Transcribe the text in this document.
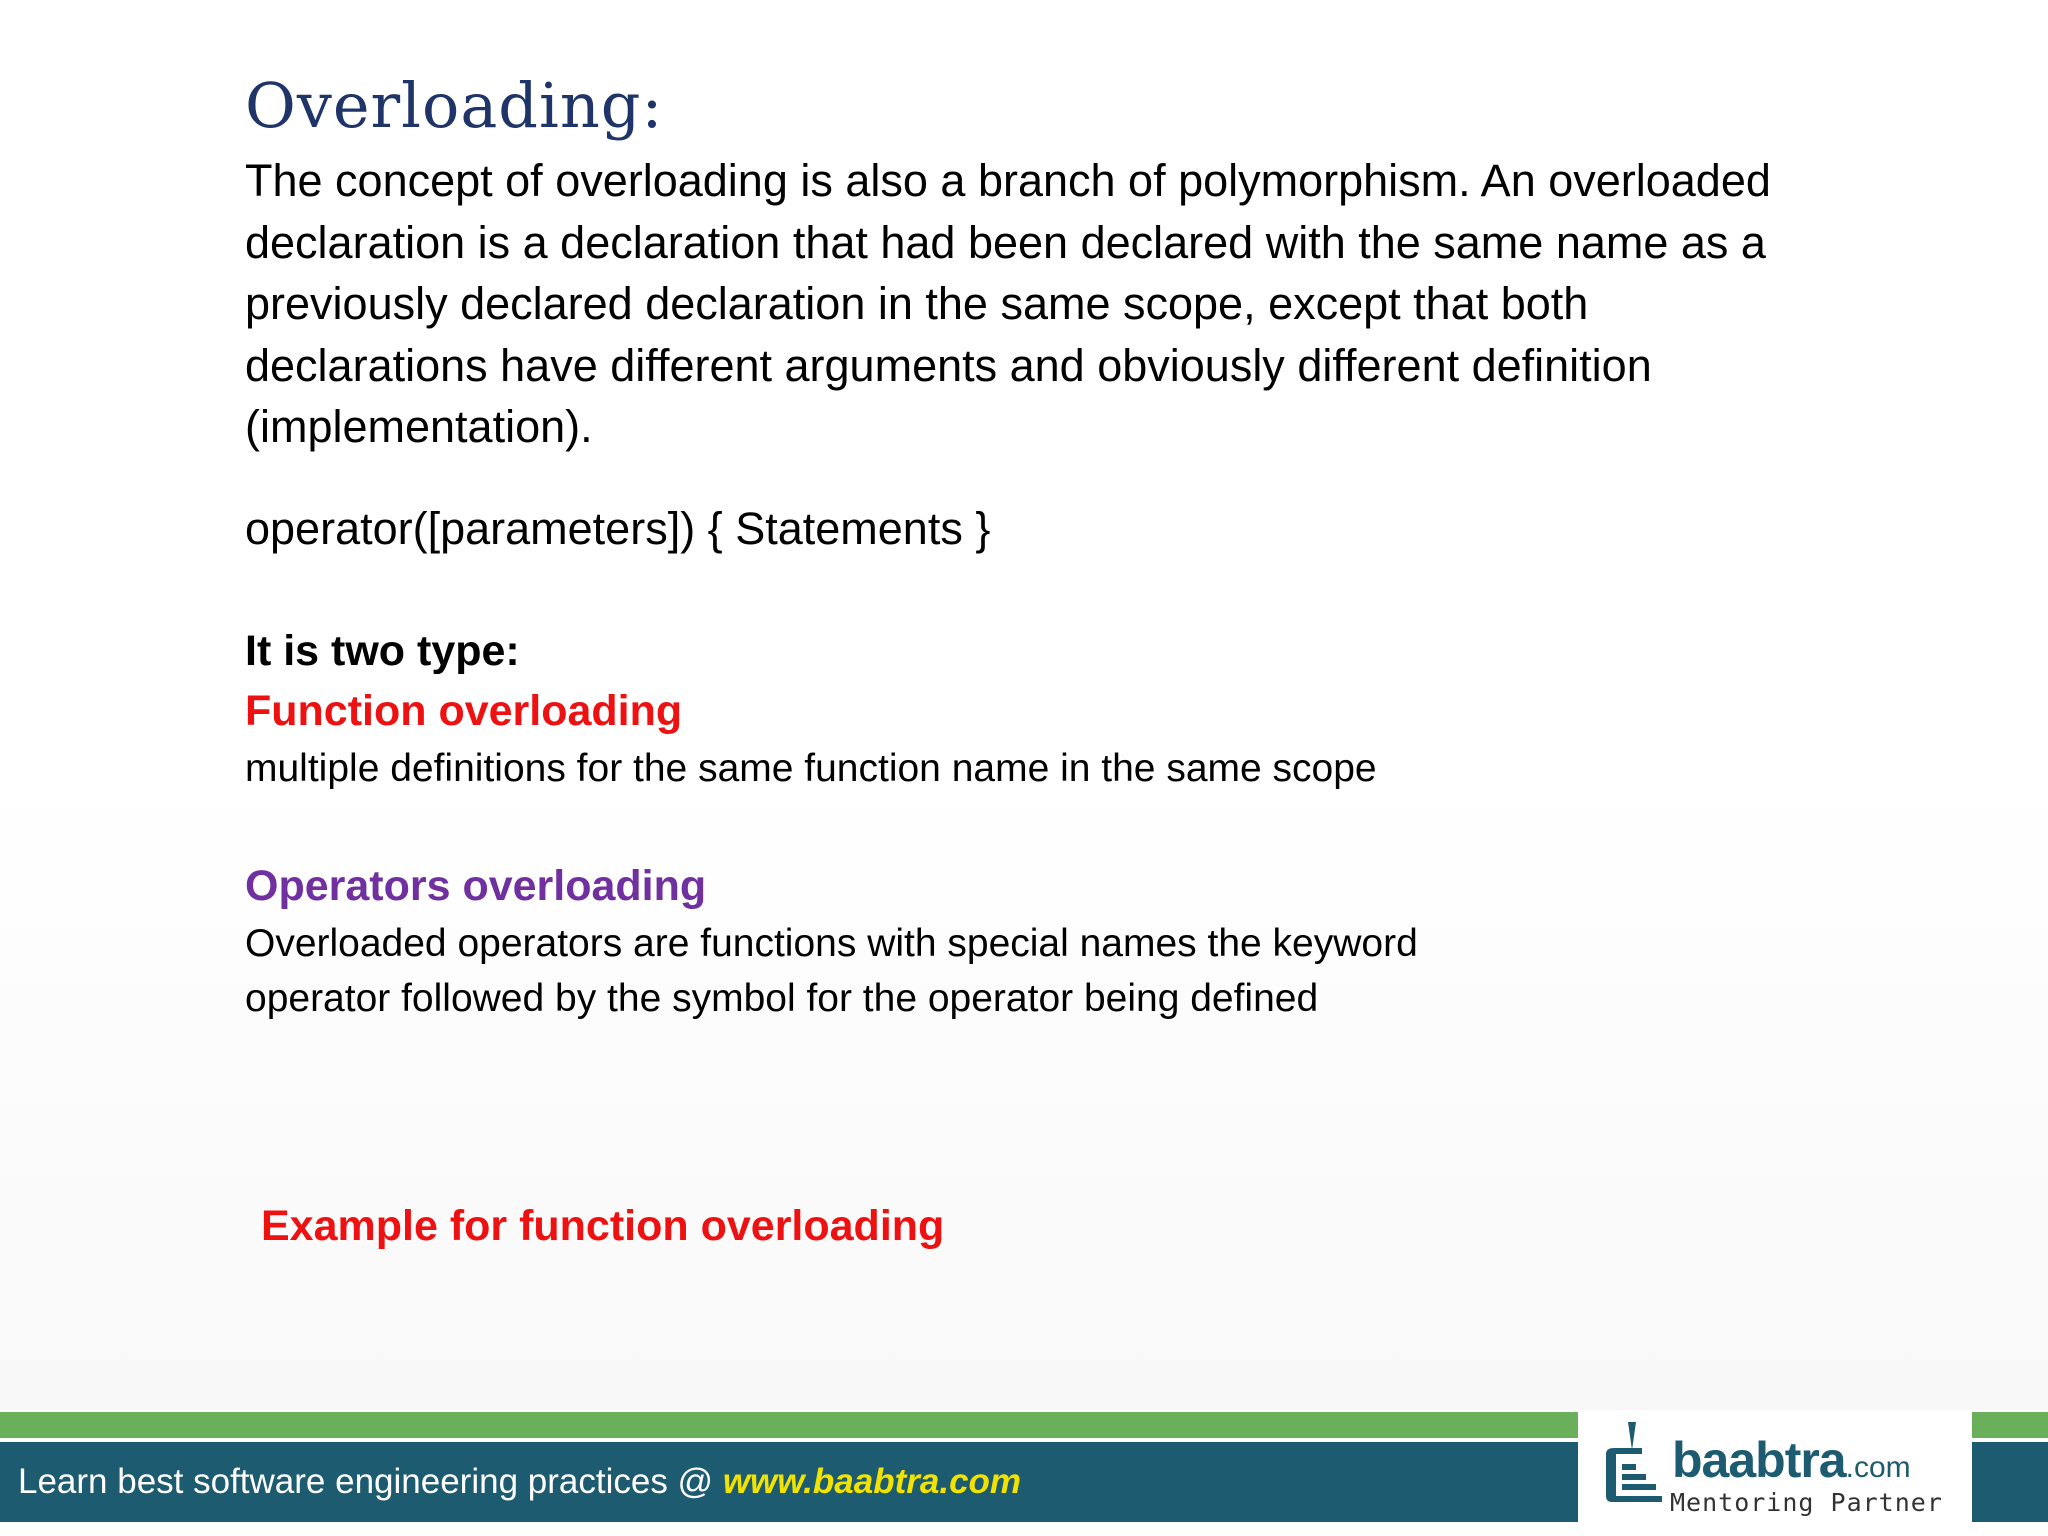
Overloading:
The concept of overloading is also a branch of polymorphism. An overloaded
declaration is a declaration that had been declared with the same name as a
previously declared declaration in the same scope, except that both
declarations have different arguments and obviously different definition
(implementation).
operator([parameters]) { Statements }
It is two type:
Function overloading
multiple definitions for the same function name in the same scope
Operators overloading
Overloaded operators are functions with special names the keyword
operator followed by the symbol for the operator being defined
Example for function overloading
Learn best software engineering practices @ www.baabtra.com	baabtra.com
Mentoring Partner
